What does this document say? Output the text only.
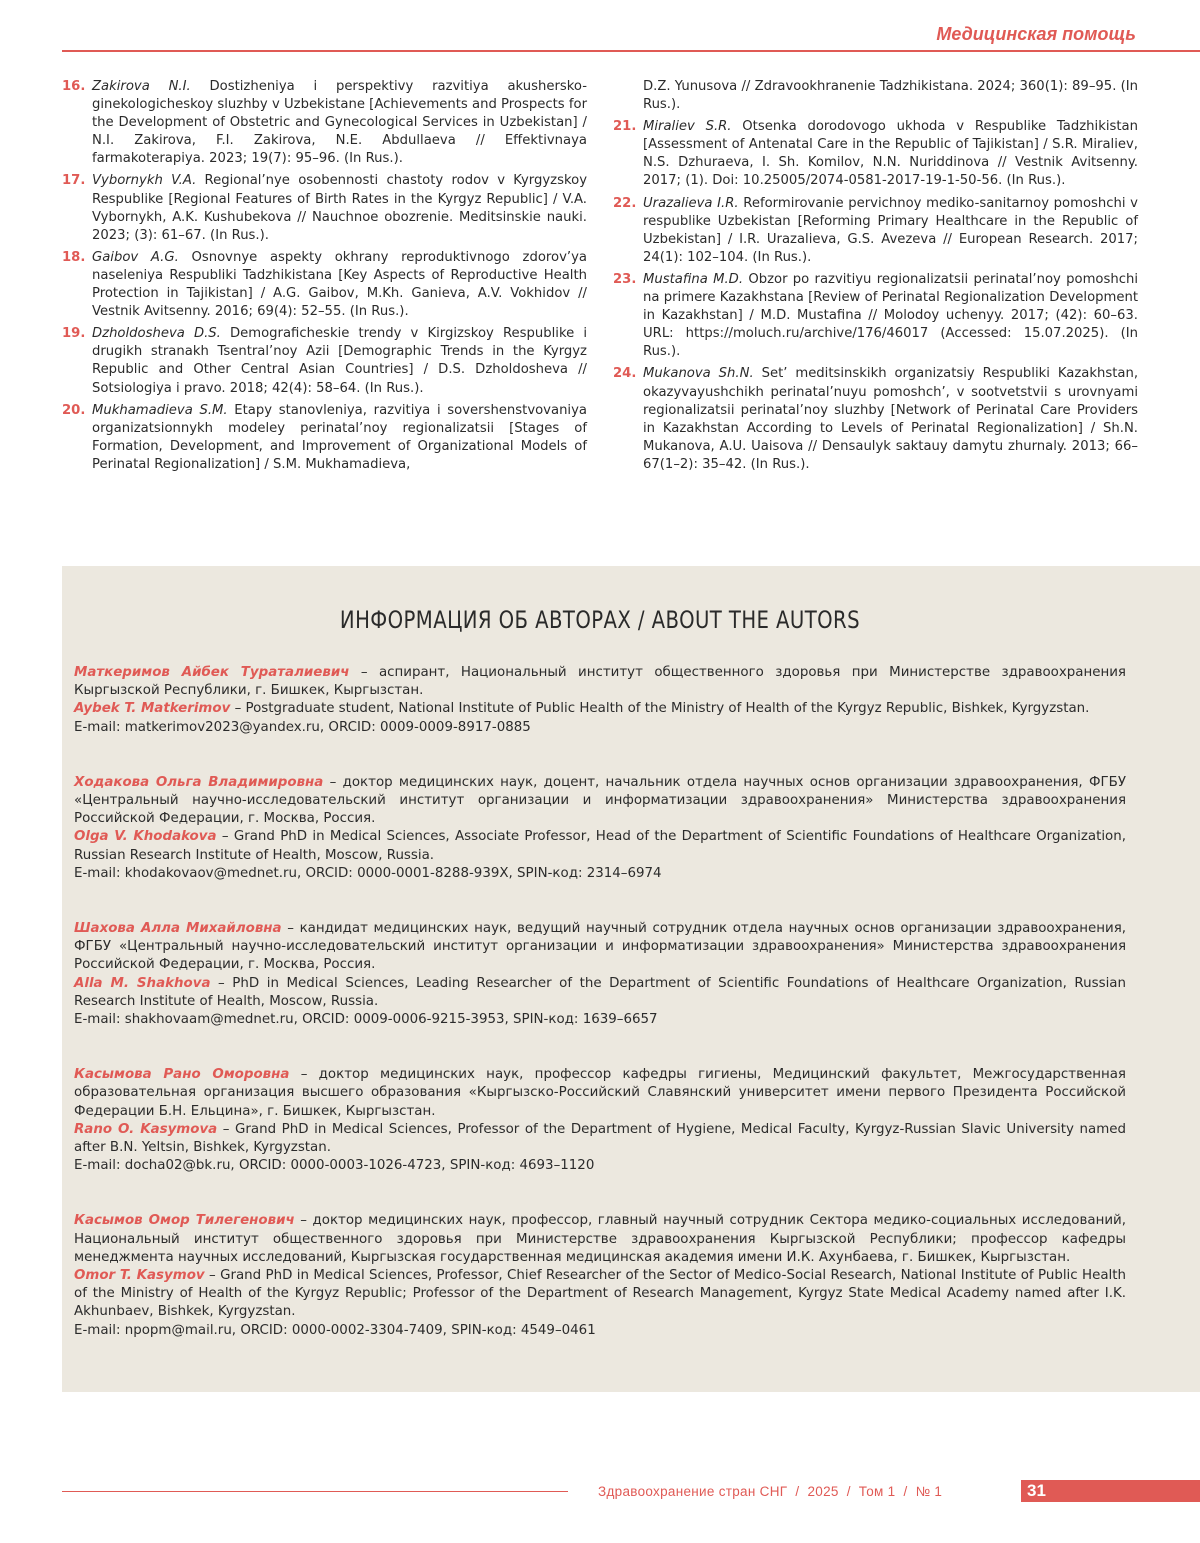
Медицинская помощь
16. Zakirova N.I. Dostizheniya i perspektivy razvitiya akushersko-ginekologicheskoy sluzhby v Uzbekistane [Achievements and Prospects for the Development of Obstetric and Gynecological Services in Uzbekistan] / N.I. Zakirova, F.I. Zakirova, N.E. Abdullaeva // Effektivnaya farmakoterapiya. 2023; 19(7): 95–96. (In Rus.).
17. Vybornykh V.A. Regional’nye osobennosti chastoty rodov v Kyrgyzskoy Respublike [Regional Features of Birth Rates in the Kyrgyz Republic] / V.A. Vybornykh, A.K. Kushubekova // Nauchnoe obozrenie. Meditsinskie nauki. 2023; (3): 61–67. (In Rus.).
18. Gaibov A.G. Osnovnye aspekty okhrany reproduktivnogo zdorov’ya naseleniya Respubliki Tadzhikistana [Key Aspects of Reproductive Health Protection in Tajikistan] / A.G. Gaibov, M.Kh. Ganieva, A.V. Vokhidov // Vestnik Avitsenny. 2016; 69(4): 52–55. (In Rus.).
19. Dzholdosheva D.S. Demograficheskie trendy v Kirgizskoy Respublike i drugikh stranakh Tsentral’noy Azii [Demographic Trends in the Kyrgyz Republic and Other Central Asian Countries] / D.S. Dzholdosheva // Sotsiologiya i pravo. 2018; 42(4): 58–64. (In Rus.).
20. Mukhamadieva S.M. Etapy stanovleniya, razvitiya i sovershenstvovaniya organizatsionnykh modeley perinatal’noy regionalizatsii [Stages of Formation, Development, and Improvement of Organizational Models of Perinatal Regionalization] / S.M. Mukhamadieva,
D.Z. Yunusova // Zdravookhranenie Tadzhikistana. 2024; 360(1): 89–95. (In Rus.).
21. Miraliev S.R. Otsenka dorodovogo ukhoda v Respublike Tadzhikistan [Assessment of Antenatal Care in the Republic of Tajikistan] / S.R. Miraliev, N.S. Dzhuraeva, I. Sh. Komilov, N.N. Nuriddinova // Vestnik Avitsenny. 2017; (1). Doi: 10.25005/2074-0581-2017-19-1-50-56. (In Rus.).
22. Urazalieva I.R. Reformirovanie pervichnoy mediko-sanitarnoy pomoshchi v respublike Uzbekistan [Reforming Primary Healthcare in the Republic of Uzbekistan] / I.R. Urazalieva, G.S. Avezeva // European Research. 2017; 24(1): 102–104. (In Rus.).
23. Mustafina M.D. Obzor po razvitiyu regionalizatsii perinatal’noy pomoshchi na primere Kazakhstana [Review of Perinatal Regionalization Development in Kazakhstan] / M.D. Mustafina // Molodoy uchenyy. 2017; (42): 60–63. URL: https://moluch.ru/archive/176/46017 (Accessed: 15.07.2025). (In Rus.).
24. Mukanova Sh.N. Set’ meditsinskikh organizatsiy Respubliki Kazakhstan, okazyvayushchikh perinatal’nuyu pomoshch’, v sootvetstvii s urovnyami regionalizatsii perinatal’noy sluzhby [Network of Perinatal Care Providers in Kazakhstan According to Levels of Perinatal Regionalization] / Sh.N. Mukanova, A.U. Uaisova // Densaulyk saktauy damytu zhurnaly. 2013; 66–67(1–2): 35–42. (In Rus.).
ИНФОРМАЦИЯ ОБ АВТОРАХ / ABOUT THE AUTORS

Маткеримов Айбек Тураталиевич – аспирант, Национальный институт общественного здоровья при Министерстве здравоохранения Кыргызской Республики, г. Бишкек, Кыргызстан.

Aybek T. Matkerimov – Postgraduate student, National Institute of Public Health of the Ministry of Health of the Kyrgyz Republic, Bishkek, Kyrgyzstan.

E-mail: matkerimov2023@yandex.ru, ORCID: 0009-0009-8917-0885

Ходакова Ольга Владимировна – доктор медицинских наук, доцент, начальник отдела научных основ организации здравоохранения, ФГБУ «Центральный научно-исследовательский институт организации и информатизации здравоохранения» Министерства здравоохранения Российской Федерации, г. Москва, Россия.

Olga V. Khodakova – Grand PhD in Medical Sciences, Associate Professor, Head of the Department of Scientific Foundations of Healthcare Organization, Russian Research Institute of Health, Moscow, Russia.

E-mail: khodakovaov@mednet.ru, ORCID: 0000-0001-8288-939X, SPIN-код: 2314–6974

Шахова Алла Михайловна – кандидат медицинских наук, ведущий научный сотрудник отдела научных основ организации здравоохранения, ФГБУ «Центральный научно-исследовательский институт организации и информатизации здравоохранения» Министерства здравоохранения Российской Федерации, г. Москва, Россия.

Alla M. Shakhova – PhD in Medical Sciences, Leading Researcher of the Department of Scientific Foundations of Healthcare Organization, Russian Research Institute of Health, Moscow, Russia.

E-mail: shakhovaam@mednet.ru, ORCID: 0009-0006-9215-3953, SPIN-код: 1639–6657

Касымова Рано Оморовна – доктор медицинских наук, профессор кафедры гигиены, Медицинский факультет, Межгосударственная образовательная организация высшего образования «Кыргызско-Российский Славянский университет имени первого Президента Российской Федерации Б.Н. Ельцина», г. Бишкек, Кыргызстан.

Rano O. Kasymova – Grand PhD in Medical Sciences, Professor of the Department of Hygiene, Medical Faculty, Kyrgyz-Russian Slavic University named after B.N. Yeltsin, Bishkek, Kyrgyzstan.

E-mail: docha02@bk.ru, ORCID: 0000-0003-1026-4723, SPIN-код: 4693–1120

Касымов Омор Тилегенович – доктор медицинских наук, профессор, главный научный сотрудник Сектора медико-социальных исследований, Национальный институт общественного здоровья при Министерстве здравоохранения Кыргызской Республики; профессор кафедры менеджмента научных исследований, Кыргызская государственная медицинская академия имени И.К. Ахунбаева, г. Бишкек, Кыргызстан.

Omor T. Kasymov – Grand PhD in Medical Sciences, Professor, Chief Researcher of the Sector of Medico-Social Research, National Institute of Public Health of the Ministry of Health of the Kyrgyz Republic; Professor of the Department of Research Management, Kyrgyz State Medical Academy named after I.K. Akhunbaev, Bishkek, Kyrgyzstan.

E-mail: npopm@mail.ru, ORCID: 0000-0002-3304-7409, SPIN-код: 4549–0461

Здравоохранение стран СНГ / 2025 / Том 1 / № 1	31
